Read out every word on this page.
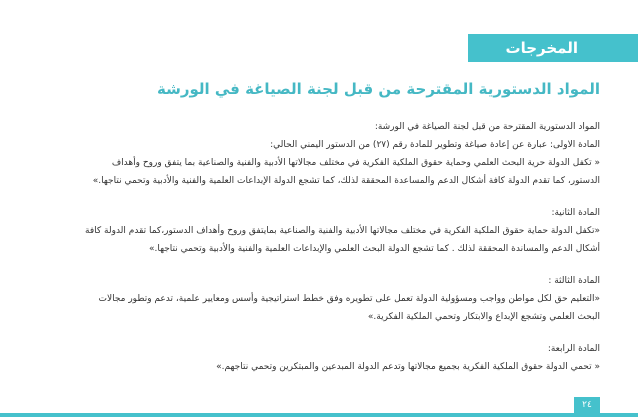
المخرجات
المواد الدستورية المقترحة من قبل لجنة الصياغة في الورشة

المواد الدستورية المقترحة من قبل لجنة الصياغة في الورشة:

المادة الاولى: عبارة عن إعادة صياغة وتطوير للمادة رقم (٢٧) من الدستور اليمني الحالي:

« تكفل الدولة حرية البحث العلمي وحماية حقوق الملكية الفكرية في مختلف مجالاتها الأدبية والفنية والصناعية بما يتفق وروح وأهداف

الدستور، كما تقدم الدولة كافة أشكال الدعم والمساعدة المحققة لذلك، كما تشجع الدولة الإبداعات العلمية والفنية والأدبية وتحمي نتاجها.»

المادة الثانية:

«تكفل الدولة حماية حقوق الملكية الفكرية في مختلف مجالاتها الأدبية والفنية والصناعية بمايتفق وروح وأهداف الدستور،كما تقدم الدولة كافة

أشكال الدعم والمساندة المحققة لذلك . كما تشجع الدولة البحث العلمي والإبداعات العلمية والفنية والأدبية وتحمي نتاجها.»

المادة الثالثة :

«التعليم حق لكل مواطن وواجب ومسؤولية الدولة تعمل على تطويره وفق خطط استراتيجية وأسس ومعايير علمية، تدعم وتطور مجالات

البحث العلمي وتشجع الإبداع والابتكار وتحمي الملكية الفكرية.»

المادة الرابعة:

« تحمي الدولة حقوق الملكية الفكرية بجميع مجالاتها وتدعم الدولة المبدعين والمبتكرين وتحمي نتاجهم.»

٢٤
